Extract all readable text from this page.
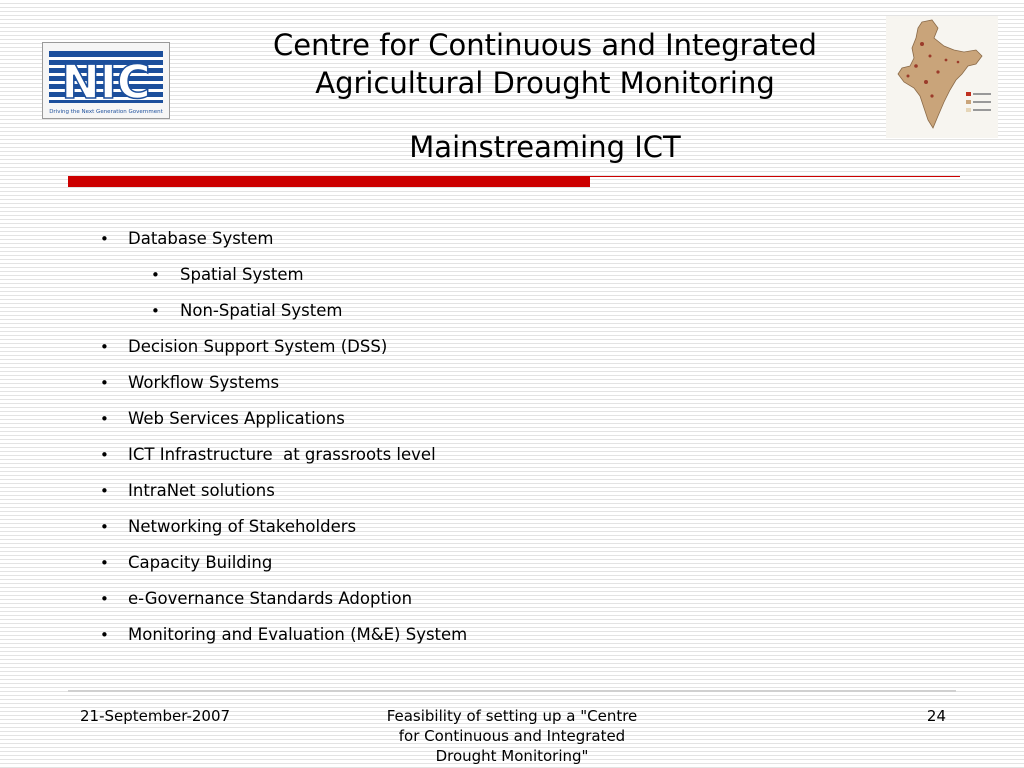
NIC
Driving the Next Generation Government
Centre for Continuous and Integrated
Agricultural Drought Monitoring
Mainstreaming ICT
• Database System
• Spatial System
• Non-Spatial System
• Decision Support System (DSS)
• Workflow Systems
• Web Services Applications
• ICT Infrastructure  at grassroots level
• IntraNet solutions
• Networking of Stakeholders
• Capacity Building
• e-Governance Standards Adoption
• Monitoring and Evaluation (M&E) System
21-September-2007	Feasibility of setting up a "Centre
for Continuous and Integrated
Drought Monitoring"
24
